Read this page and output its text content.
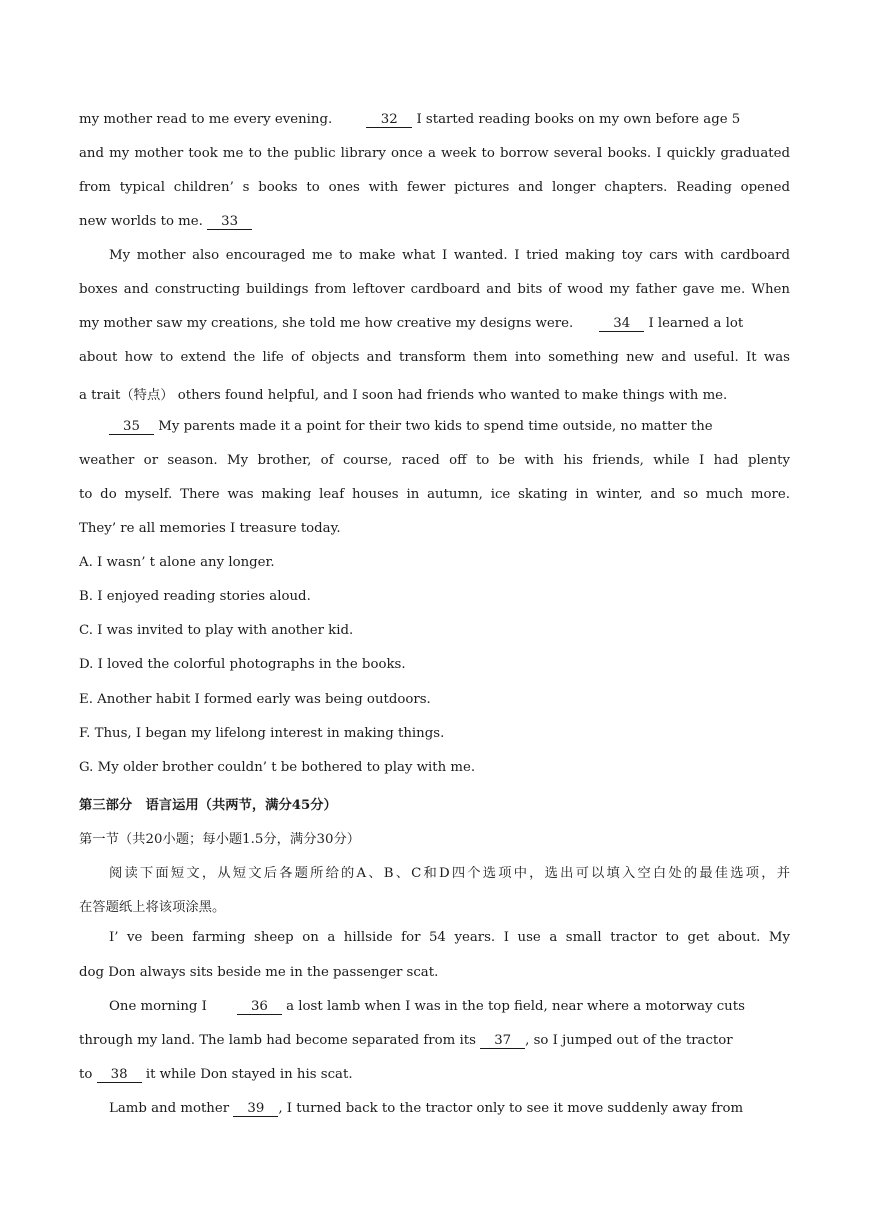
my mother read to me every evening.	32 I started reading books on my own before age 5
and my mother took me to the public library once a week to borrow several books. I quickly graduated
from typical children’ s books to ones with fewer pictures and longer chapters. Reading opened
new worlds to me. 33
My mother also encouraged me to make what I wanted. I tried making toy cars with cardboard
boxes and constructing buildings from leftover cardboard and bits of wood my father gave me. When
my mother saw my creations, she told me how creative my designs were.	34 I learned a lot
about how to extend the life of objects and transform them into something new and useful. It was
a trait（特点） others found helpful, and I soon had friends who wanted to make things with me.
35 My parents made it a point for their two kids to spend time outside, no matter the
weather or season. My brother, of course, raced off to be with his friends, while I had plenty
to do myself. There was making leaf houses in autumn, ice skating in winter, and so much more.
They’ re all memories I treasure today.
A. I wasn’ t alone any longer.
B. I enjoyed reading stories aloud.
C. I was invited to play with another kid.
D. I loved the colorful photographs in the books.
E. Another habit I formed early was being outdoors.
F. Thus, I began my lifelong interest in making things.
G. My older brother couldn’ t be bothered to play with me.
第三部分　语言运用（共两节，满分45分）
第一节（共20小题；每小题1.5分，满分30分）
阅读下面短文，从短文后各题所给的A、B、C和D四个选项中，选出可以填入空白处的最佳选项，并
在答题纸上将该项涂黑。
I’ ve been farming sheep on a hillside for 54 years. I use a small tractor to get about. My
dog Don always sits beside me in the passenger scat.
One morning I	36 a lost lamb when I was in the top field, near where a motorway cuts
through my land. The lamb had become separated from its 37 , so I jumped out of the tractor
to 38 it while Don stayed in his scat.
Lamb and mother 39 , I turned back to the tractor only to see it move suddenly away from
